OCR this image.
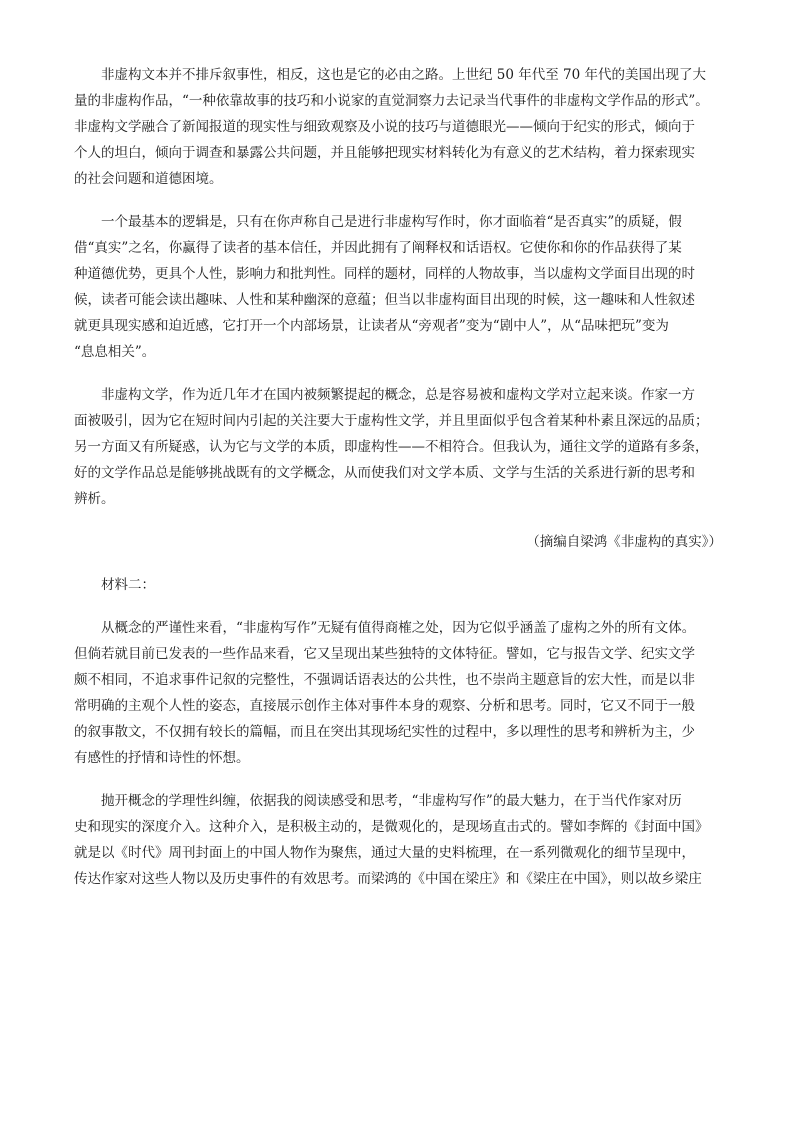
非虚构文本并不排斥叙事性，相反，这也是它的必由之路。上世纪 50 年代至 70 年代的美国出现了大
量的非虚构作品，“一种依靠故事的技巧和小说家的直觉洞察力去记录当代事件的非虚构文学作品的形式”。
非虚构文学融合了新闻报道的现实性与细致观察及小说的技巧与道德眼光——倾向于纪实的形式，倾向于
个人的坦白，倾向于调查和暴露公共问题，并且能够把现实材料转化为有意义的艺术结构，着力探索现实
的社会问题和道德困境。
一个最基本的逻辑是，只有在你声称自己是进行非虚构写作时，你才面临着“是否真实”的质疑，假
借“真实”之名，你赢得了读者的基本信任，并因此拥有了阐释权和话语权。它使你和你的作品获得了某
种道德优势，更具个人性，影响力和批判性。同样的题材，同样的人物故事，当以虚构文学面目出现的时
候，读者可能会读出趣味、人性和某种幽深的意蕴；但当以非虚构面目出现的时候，这一趣味和人性叙述
就更具现实感和迫近感，它打开一个内部场景，让读者从“旁观者”变为“剧中人”，从“品味把玩”变为
“息息相关”。
非虚构文学，作为近几年才在国内被频繁提起的概念，总是容易被和虚构文学对立起来谈。作家一方
面被吸引，因为它在短时间内引起的关注要大于虚构性文学，并且里面似乎包含着某种朴素且深远的品质；
另一方面又有所疑惑，认为它与文学的本质，即虚构性——不相符合。但我认为，通往文学的道路有多条，
好的文学作品总是能够挑战既有的文学概念，从而使我们对文学本质、文学与生活的关系进行新的思考和
辨析。
（摘编自梁鸿《非虚构的真实》）
材料二：
从概念的严谨性来看，“非虚构写作”无疑有值得商榷之处，因为它似乎涵盖了虚构之外的所有文体。
但倘若就目前已发表的一些作品来看，它又呈现出某些独特的文体特征。譬如，它与报告文学、纪实文学
颇不相同，不追求事件记叙的完整性，不强调话语表达的公共性，也不崇尚主题意旨的宏大性，而是以非
常明确的主观个人性的姿态，直接展示创作主体对事件本身的观察、分析和思考。同时，它又不同于一般
的叙事散文，不仅拥有较长的篇幅，而且在突出其现场纪实性的过程中，多以理性的思考和辨析为主，少
有感性的抒情和诗性的怀想。
抛开概念的学理性纠缠，依据我的阅读感受和思考，“非虚构写作”的最大魅力，在于当代作家对历
史和现实的深度介入。这种介入，是积极主动的，是微观化的，是现场直击式的。譬如李辉的《封面中国》
就是以《时代》周刊封面上的中国人物作为聚焦，通过大量的史料梳理，在一系列微观化的细节呈现中，
传达作家对这些人物以及历史事件的有效思考。而梁鸿的《中国在梁庄》和《梁庄在中国》，则以故乡梁庄
